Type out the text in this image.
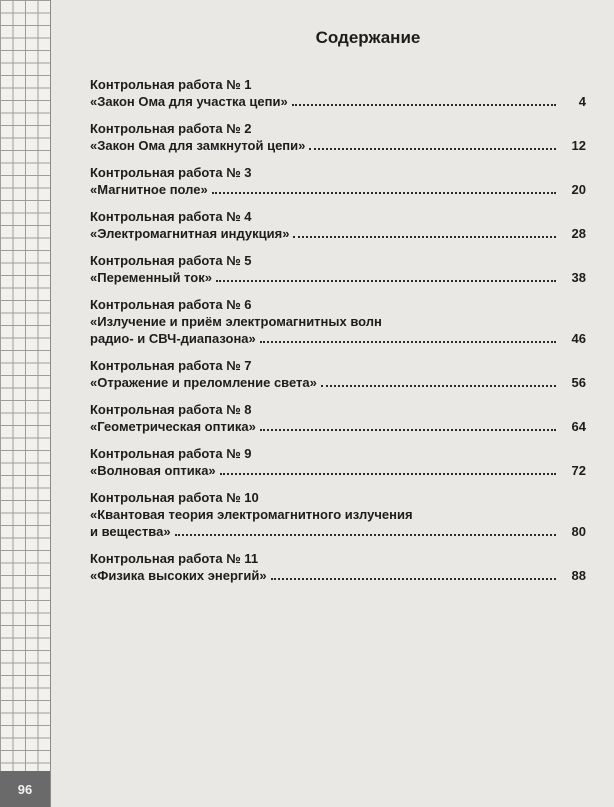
96
Содержание
Контрольная работа № 1
«Закон Ома для участка цепи»	4
Контрольная работа № 2
«Закон Ома для замкнутой цепи»	12
Контрольная работа № 3
«Магнитное поле»	20
Контрольная работа № 4
«Электромагнитная индукция»	28
Контрольная работа № 5
«Переменный ток»	38
Контрольная работа № 6
«Излучение и приём электромагнитных волн
радио- и СВЧ-диапазона»	46
Контрольная работа № 7
«Отражение и преломление света»	56
Контрольная работа № 8
«Геометрическая оптика»	64
Контрольная работа № 9
«Волновая оптика»	72
Контрольная работа № 10
«Квантовая теория электромагнитного излучения
и вещества»	80
Контрольная работа № 11
«Физика высоких энергий»	88
